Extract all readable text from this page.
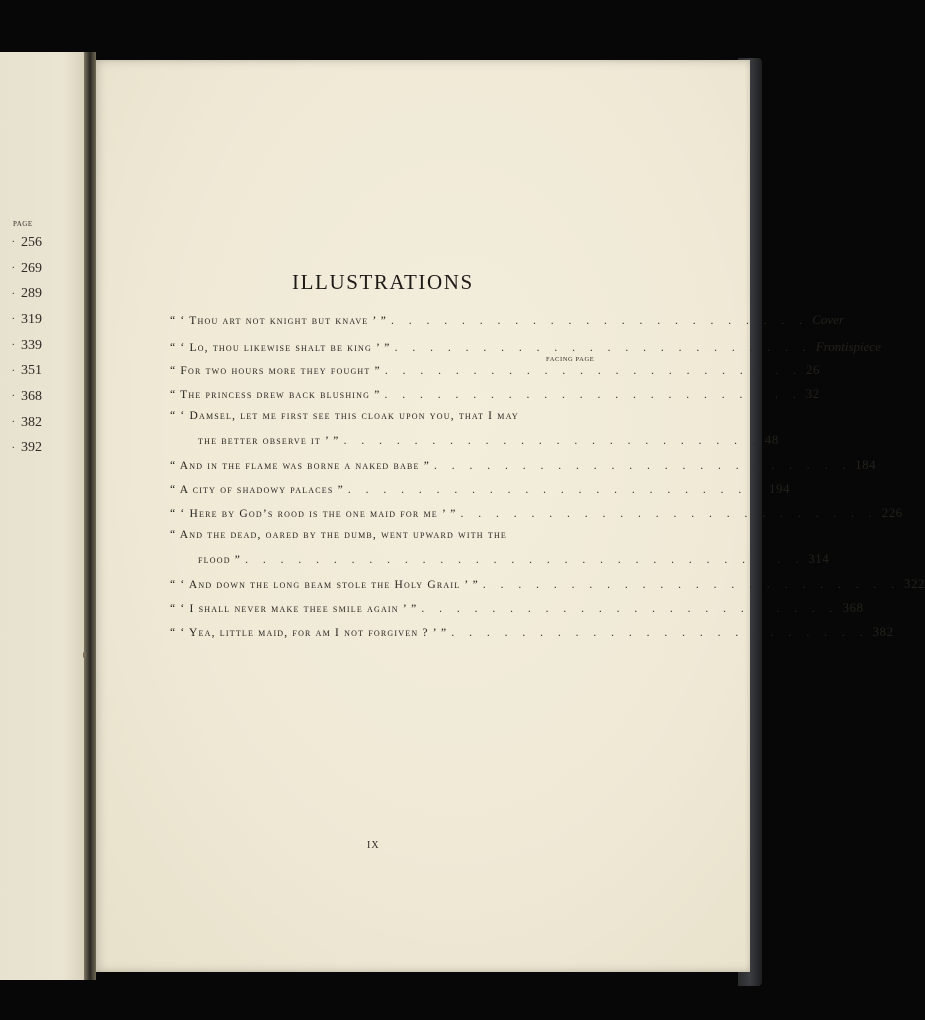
PAGE
· 256
· 269
· 289
· 319
· 339
· 351
· 368
· 382
· 392
ILLUSTRATIONS
FACING PAGE
“ ‘ Thou art not knight but knave ’ ” . . . . . . . . . . . . . . . . . . . . . . . . Cover
“ ‘ Lo, thou likewise shalt be king ’ ” . . . . . . . . . . . . . . . . . . . . . . . . Frontispiece
“ For two hours more they fought ” . . . . . . . . . . . . . . . . . . . . . . . . 26
“ The princess drew back blushing ” . . . . . . . . . . . . . . . . . . . . . . . . 32
“ ‘ Damsel, let me first see this cloak upon you, that I may
the better observe it ’ ” . . . . . . . . . . . . . . . . . . . . . . . . 48
“ And in the flame was borne a naked babe ” . . . . . . . . . . . . . . . . . . . . . . . . 184
“ A city of shadowy palaces ” . . . . . . . . . . . . . . . . . . . . . . . . 194
“ ‘ Here by God’s rood is the one maid for me ’ ” . . . . . . . . . . . . . . . . . . . . . . . . 226
“ And the dead, oared by the dumb, went upward with the
flood ” . . . . . . . . . . . . . . . . . . . . . . . . . . . . . . . . 314
“ ‘ And down the long beam stole the Holy Grail ’ ” . . . . . . . . . . . . . . . . . . . . . . . . 322
“ ‘ I shall never make thee smile again ’ ” . . . . . . . . . . . . . . . . . . . . . . . . 368
“ ‘ Yea, little maid, for am I not forgiven ? ’ ” . . . . . . . . . . . . . . . . . . . . . . . . 382
IX
